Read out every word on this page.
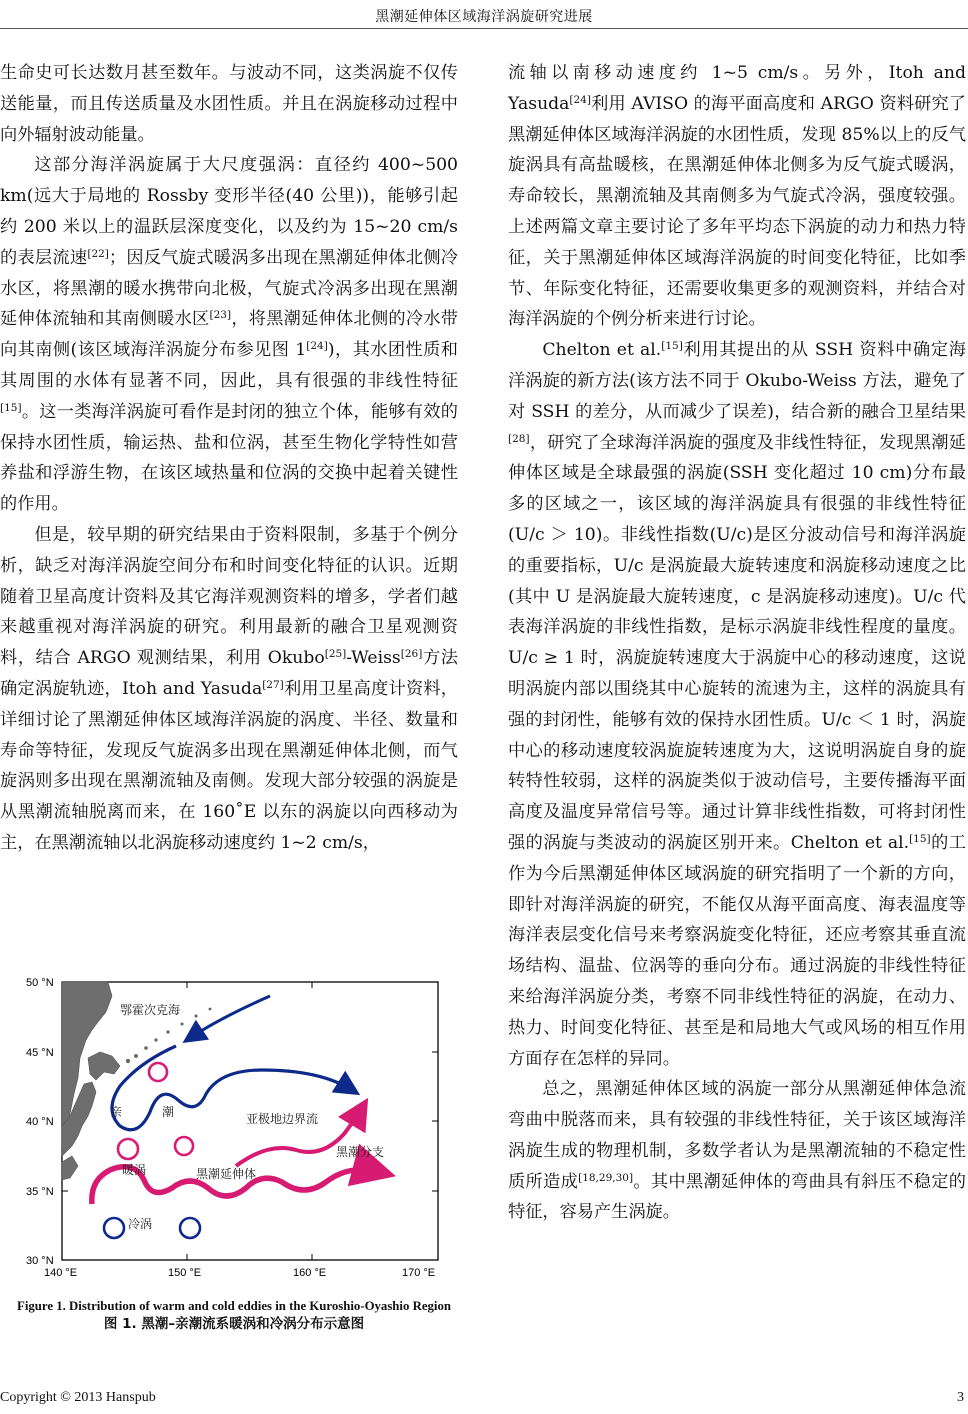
黑潮延伸体区域海洋涡旋研究进展

生命史可长达数月甚至数年。与波动不同，这类涡旋不仅传送能量，而且传送质量及水团性质。并且在涡旋移动过程中向外辐射波动能量。

这部分海洋涡旋属于大尺度强涡：直径约 400~500 km(远大于局地的 Rossby 变形半径(40 公里))，能够引起约 200 米以上的温跃层深度变化，以及约为 15~20 cm/s 的表层流速[22]；因反气旋式暖涡多出现在黑潮延伸体北侧冷水区，将黑潮的暖水携带向北极，气旋式冷涡多出现在黑潮延伸体流轴和其南侧暖水区[23]，将黑潮延伸体北侧的冷水带向其南侧(该区域海洋涡旋分布参见图 1[24])，其水团性质和其周围的水体有显著不同，因此，具有很强的非线性特征[15]。这一类海洋涡旋可看作是封闭的独立个体，能够有效的保持水团性质，输运热、盐和位涡，甚至生物化学特性如营养盐和浮游生物，在该区域热量和位涡的交换中起着关键性的作用。

但是，较早期的研究结果由于资料限制，多基于个例分析，缺乏对海洋涡旋空间分布和时间变化特征的认识。近期随着卫星高度计资料及其它海洋观测资料的增多，学者们越来越重视对海洋涡旋的研究。利用最新的融合卫星观测资料，结合 ARGO 观测结果，利用 Okubo[25]-Weiss[26]方法确定涡旋轨迹，Itoh and Yasuda[27]利用卫星高度计资料，详细讨论了黑潮延伸体区域海洋涡旋的涡度、半径、数量和寿命等特征，发现反气旋涡多出现在黑潮延伸体北侧，而气旋涡则多出现在黑潮流轴及南侧。发现大部分较强的涡旋是从黑潮流轴脱离而来，在 160˚E 以东的涡旋以向西移动为主，在黑潮流轴以北涡旋移动速度约 1~2 cm/s，

流轴以南移动速度约 1~5 cm/s。另外，Itoh and Yasuda[24]利用 AVISO 的海平面高度和 ARGO 资料研究了黑潮延伸体区域海洋涡旋的水团性质，发现 85%以上的反气旋涡具有高盐暖核，在黑潮延伸体北侧多为反气旋式暖涡，寿命较长，黑潮流轴及其南侧多为气旋式冷涡，强度较强。上述两篇文章主要讨论了多年平均态下涡旋的动力和热力特征，关于黑潮延伸体区域海洋涡旋的时间变化特征，比如季节、年际变化特征，还需要收集更多的观测资料，并结合对海洋涡旋的个例分析来进行讨论。

Chelton et al.[15]利用其提出的从 SSH 资料中确定海洋涡旋的新方法(该方法不同于 Okubo-Weiss 方法，避免了对 SSH 的差分，从而减少了误差)，结合新的融合卫星结果[28]，研究了全球海洋涡旋的强度及非线性特征，发现黑潮延伸体区域是全球最强的涡旋(SSH 变化超过 10 cm)分布最多的区域之一，该区域的海洋涡旋具有很强的非线性特征(U/c ＞ 10)。非线性指数(U/c)是区分波动信号和海洋涡旋的重要指标，U/c 是涡旋最大旋转速度和涡旋移动速度之比(其中 U 是涡旋最大旋转速度，c 是涡旋移动速度)。U/c 代表海洋涡旋的非线性指数，是标示涡旋非线性程度的量度。U/c ≥ 1 时，涡旋旋转速度大于涡旋中心的移动速度，这说明涡旋内部以围绕其中心旋转的流速为主，这样的涡旋具有强的封闭性，能够有效的保持水团性质。U/c ＜ 1 时，涡旋中心的移动速度较涡旋旋转速度为大，这说明涡旋自身的旋转特性较弱，这样的涡旋类似于波动信号，主要传播海平面高度及温度异常信号等。通过计算非线性指数，可将封闭性强的涡旋与类波动的涡旋区别开来。Chelton et al.[15]的工作为今后黑潮延伸体区域涡旋的研究指明了一个新的方向，即针对海洋涡旋的研究，不能仅从海平面高度、海表温度等海洋表层变化信号来考察涡旋变化特征，还应考察其垂直流场结构、温盐、位涡等的垂向分布。通过涡旋的非线性特征来给海洋涡旋分类，考察不同非线性特征的涡旋，在动力、热力、时间变化特征、甚至是和局地大气或风场的相互作用方面存在怎样的异同。

总之，黑潮延伸体区域的涡旋一部分从黑潮延伸体急流弯曲中脱落而来，具有较强的非线性特征，关于该区域海洋涡旋生成的物理机制，多数学者认为是黑潮流轴的不稳定性质所造成[18,29,30]。其中黑潮延伸体的弯曲具有斜压不稳定的特征，容易产生涡旋。

鄂霍次克海
亲	潮	亚极地边界流
黑潮分支
暖涡	黑潮延伸体
冷涡
50 °N
45 °N
40 °N
35 °N
30 °N
140 °E	150 °E	160 °E	170 °E
Figure 1. Distribution of warm and cold eddies in the Kuroshio-Oyashio Region
图 1. 黑潮–亲潮流系暖涡和冷涡分布示意图
Copyright © 2013 Hanspub	3
